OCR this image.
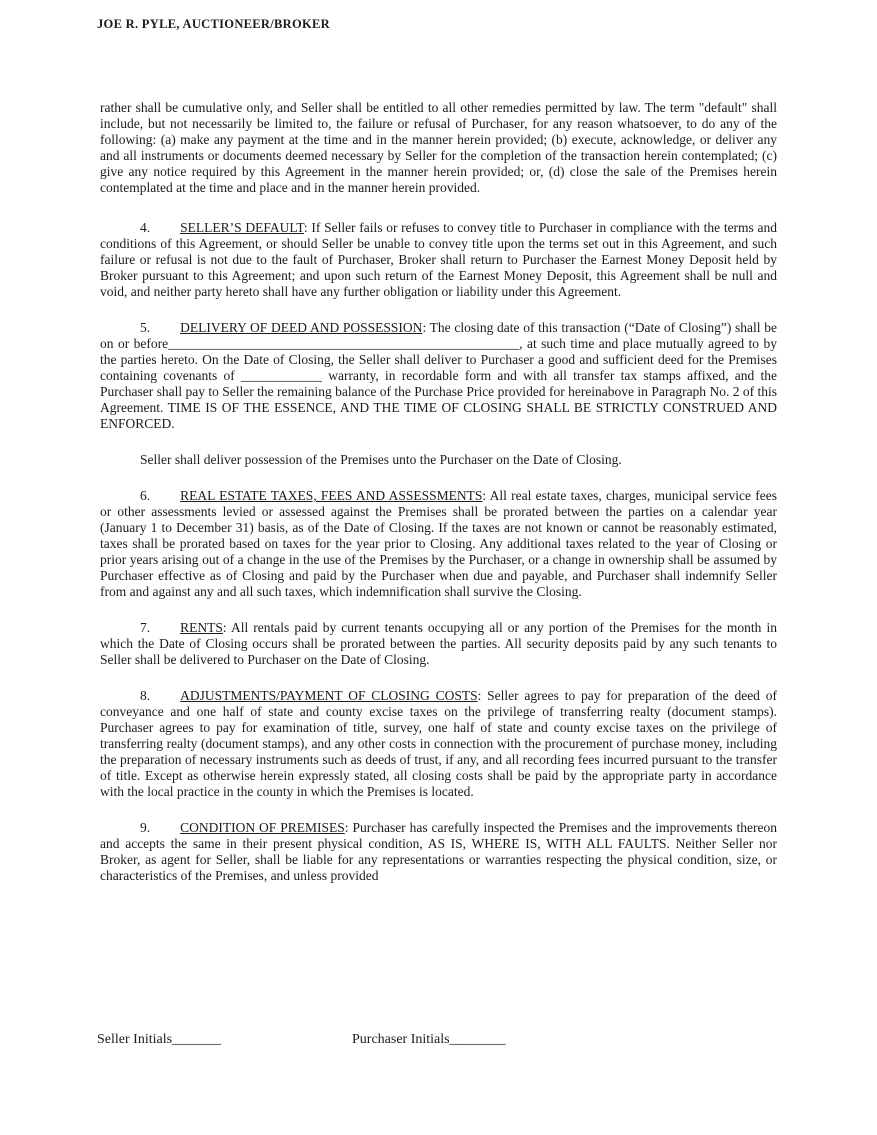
JOE R. PYLE, AUCTIONEER/BROKER

rather shall be cumulative only, and Seller shall be entitled to all other remedies permitted by law. The term "default" shall include, but not necessarily be limited to, the failure or refusal of Purchaser, for any reason whatsoever, to do any of the following: (a) make any payment at the time and in the manner herein provided; (b) execute, acknowledge, or deliver any and all instruments or documents deemed necessary by Seller for the completion of the transaction herein contemplated; (c) give any notice required by this Agreement in the manner herein provided; or, (d) close the sale of the Premises herein contemplated at the time and place and in the manner herein provided.

4. SELLER’S DEFAULT: If Seller fails or refuses to convey title to Purchaser in compliance with the terms and conditions of this Agreement, or should Seller be unable to convey title upon the terms set out in this Agreement, and such failure or refusal is not due to the fault of Purchaser, Broker shall return to Purchaser the Earnest Money Deposit held by Broker pursuant to this Agreement; and upon such return of the Earnest Money Deposit, this Agreement shall be null and void, and neither party hereto shall have any further obligation or liability under this Agreement.

5. DELIVERY OF DEED AND POSSESSION: The closing date of this transaction (“Date of Closing”) shall be on or before____________________________________________________, at such time and place mutually agreed to by the parties hereto. On the Date of Closing, the Seller shall deliver to Purchaser a good and sufficient deed for the Premises containing covenants of ____________ warranty, in recordable form and with all transfer tax stamps affixed, and the Purchaser shall pay to Seller the remaining balance of the Purchase Price provided for hereinabove in Paragraph No. 2 of this Agreement. TIME IS OF THE ESSENCE, AND THE TIME OF CLOSING SHALL BE STRICTLY CONSTRUED AND ENFORCED.

Seller shall deliver possession of the Premises unto the Purchaser on the Date of Closing.

6. REAL ESTATE TAXES, FEES AND ASSESSMENTS: All real estate taxes, charges, municipal service fees or other assessments levied or assessed against the Premises shall be prorated between the parties on a calendar year (January 1 to December 31) basis, as of the Date of Closing. If the taxes are not known or cannot be reasonably estimated, taxes shall be prorated based on taxes for the year prior to Closing. Any additional taxes related to the year of Closing or prior years arising out of a change in the use of the Premises by the Purchaser, or a change in ownership shall be assumed by Purchaser effective as of Closing and paid by the Purchaser when due and payable, and Purchaser shall indemnify Seller from and against any and all such taxes, which indemnification shall survive the Closing.

7. RENTS: All rentals paid by current tenants occupying all or any portion of the Premises for the month in which the Date of Closing occurs shall be prorated between the parties. All security deposits paid by any such tenants to Seller shall be delivered to Purchaser on the Date of Closing.

8. ADJUSTMENTS/PAYMENT OF CLOSING COSTS: Seller agrees to pay for preparation of the deed of conveyance and one half of state and county excise taxes on the privilege of transferring realty (document stamps). Purchaser agrees to pay for examination of title, survey, one half of state and county excise taxes on the privilege of transferring realty (document stamps), and any other costs in connection with the procurement of purchase money, including the preparation of necessary instruments such as deeds of trust, if any, and all recording fees incurred pursuant to the transfer of title. Except as otherwise herein expressly stated, all closing costs shall be paid by the appropriate party in accordance with the local practice in the county in which the Premises is located.

9. CONDITION OF PREMISES: Purchaser has carefully inspected the Premises and the improvements thereon and accepts the same in their present physical condition, AS IS, WHERE IS, WITH ALL FAULTS. Neither Seller nor Broker, as agent for Seller, shall be liable for any representations or warranties respecting the physical condition, size, or characteristics of the Premises, and unless provided

Seller Initials_______	Purchaser Initials________
